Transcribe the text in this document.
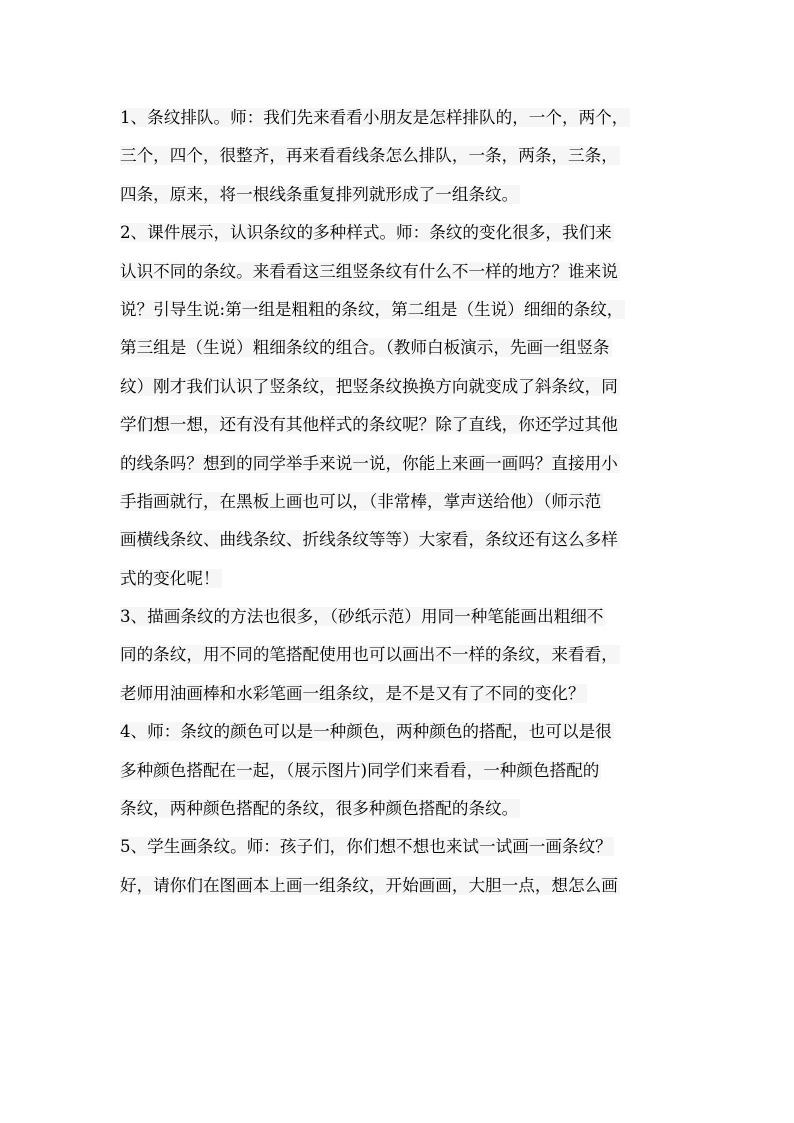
1、条纹排队。师：我们先来看看小朋友是怎样排队的，一个，两个，
三个，四个，很整齐，再来看看线条怎么排队，一条，两条，三条，
四条，原来，将一根线条重复排列就形成了一组条纹。
2、课件展示，认识条纹的多种样式。师：条纹的变化很多，我们来
认识不同的条纹。来看看这三组竖条纹有什么不一样的地方？谁来说
说？引导生说:第一组是粗粗的条纹，第二组是（生说）细细的条纹，
第三组是（生说）粗细条纹的组合。（教师白板演示，先画一组竖条
纹）刚才我们认识了竖条纹，把竖条纹换换方向就变成了斜条纹，同
学们想一想，还有没有其他样式的条纹呢？除了直线，你还学过其他
的线条吗？想到的同学举手来说一说，你能上来画一画吗？直接用小
手指画就行，在黑板上画也可以，（非常棒，掌声送给他）（师示范
画横线条纹、曲线条纹、折线条纹等等）大家看，条纹还有这么多样
式的变化呢！
3、描画条纹的方法也很多，（砂纸示范）用同一种笔能画出粗细不
同的条纹，用不同的笔搭配使用也可以画出不一样的条纹，来看看，
老师用油画棒和水彩笔画一组条纹，是不是又有了不同的变化？
4、师：条纹的颜色可以是一种颜色，两种颜色的搭配，也可以是很
多种颜色搭配在一起，（展示图片)同学们来看看，一种颜色搭配的
条纹，两种颜色搭配的条纹，很多种颜色搭配的条纹。
5、学生画条纹。师：孩子们，你们想不想也来试一试画一画条纹？
好，请你们在图画本上画一组条纹，开始画画，大胆一点，想怎么画
